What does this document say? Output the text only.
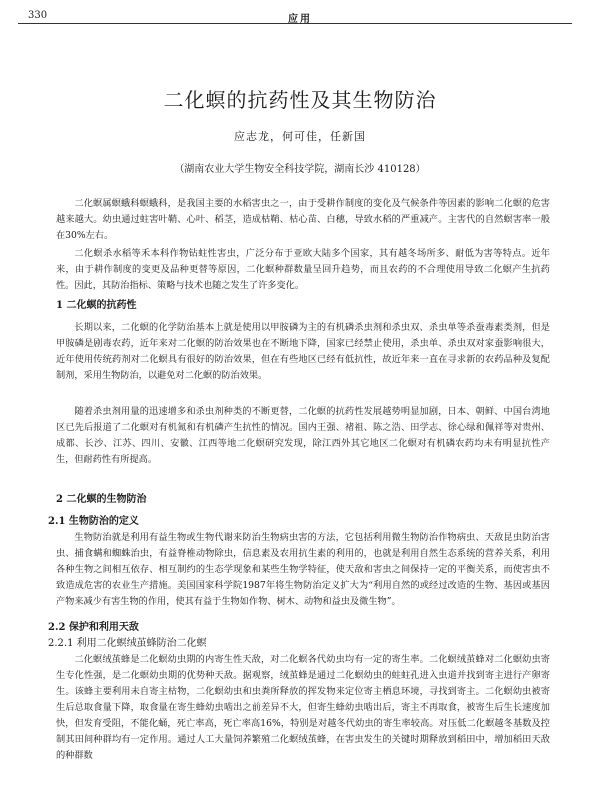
330	应用
二化螟的抗药性及其生物防治
应志龙，何可佳，任新国
（湖南农业大学生物安全科技学院，湖南长沙 410128）

二化螟属螟蛾科螟蛾科，是我国主要的水稻害虫之一，由于受耕作制度的变化及气候条件等因素的影响二化螟的危害越来越大。幼虫通过蛀害叶鞘、心叶、稻茎，造成枯鞘、枯心苗、白穗，导致水稻的严重减产。主害代的自然螟害率一般在30%左右。

二化螟杀水稻等禾本科作物钻蛀性害虫，广泛分布于亚欧大陆多个国家，其有越冬场所多、耐低为害等特点。近年来，由于耕作制度的变更及品种更替等原因，二化螟种群数量呈回升趋势，而且农药的不合理使用导致二化螟产生抗药性。因此，其防治指标、策略与技术也随之发生了许多变化。

1 二化螟的抗药性

长期以来，二化螟的化学防治基本上就是使用以甲胺磷为主的有机磷杀虫剂和杀虫双、杀虫单等杀蚕毒素类剂，但是甲胺磷是剧毒农药，近年来对二化螟的防治效果也在不断地下降，国家已经禁止使用，杀虫单、杀虫双对家蚕影响很大，近年使用传统药剂对二化螟具有很好的防治效果，但在有些地区已经有低抗性，故近年来一直在寻求新的农药品种及复配制剂，采用生物防治，以避免对二化螟的防治效果。

随着杀虫剂用量的迅速增多和杀虫剂种类的不断更替，二化螟的抗药性发展越势明显加剧，日本、朝鲜、中国台湾地区已先后报道了二化螟对有机氮和有机磷产生抗性的情况。国内王强、褚祖、陈之浩、田学志、徐心绿和佩祥等对贵州、成都、长沙、江苏、四川、安徽、江西等地二化螟研究发现，除江西外其它地区二化螟对有机磷农药均未有明显抗性产生，但耐药性有所提高。

2 二化螟的生物防治
2.1 生物防治的定义

生物防治就是利用有益生物或生物代谢来防治生物病虫害的方法，它包括利用微生物防治作物病虫、天敌昆虫防治害虫、捕食螨和蜘蛛治虫，有益脊椎动物除虫，信息素及农用抗生素的利用的，也就是利用自然生态系统的营养关系，利用各种生物之间相互依存、相互制约的生态学现象和某些生物学特征，使天敌和害虫之间保持一定的平衡关系，而使害虫不致造成危害的农业生产措施。美国国家科学院1987年将生物防治定义扩大为“利用自然的或经过改造的生物、基因或基因产物来减少有害生物的作用，使其有益于生物如作物、树木、动物和益虫及微生物”。

2.2 保护和利用天敌
2.2.1 利用二化螟绒茧蜂防治二化螟

二化螟绒茧蜂是二化螟幼虫期的内寄生性天敌，对二化螟各代幼虫均有一定的寄生率。二化螟绒茧蜂对二化螟幼虫寄生专化性强，是二化螟幼虫期的优势种天敌。据观察，绒茧蜂是通过二化螟幼虫的蛀蛀孔进入虫道并找到寄主进行产卵寄生。该蜂主要利用未自寄主枯物，二化螟幼虫和虫粪所释放的挥发物来定位寄主栖息环境，寻找到寄主。二化螟幼虫被寄生后总取食量下降，取食量在寄生蜂幼虫啮出之前差异不大，但寄生蜂幼虫啮出后，寄主不再取食，被寄生后生长速度加快，但发育受阻，不能化蛹，死亡率高，死亡率高16%，特别是对越冬代幼虫的寄生率较高。对压低二化螟越冬基数及控制其田间种群均有一定作用。通过人工大量饲养繁殖二化螟绒茧蜂，在害虫发生的关键时期释放到稻田中，增加稻田天敌的种群数
